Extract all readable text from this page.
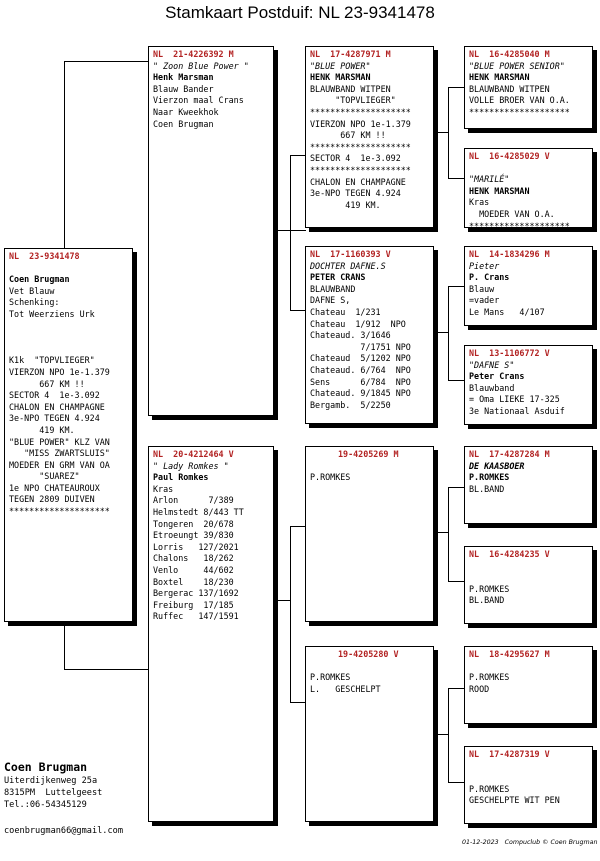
Stamkaart Postduif: NL 23-9341478
NL  23-9341478

Coen Brugman
Vet Blauw
Schenking:
Tot Weerziens Urk

K1k  "TOPVLIEGER"
VIERZON NPO 1e-1.379
667 KM !!
SECTOR 4  1e-3.092
CHALON EN CHAMPAGNE
3e-NPO TEGEN 4.924
419 KM.
"BLUE POWER" KLZ VAN
"MISS ZWARTSLUIS"
MOEDER EN GRM VAN OA
"SUAREZ"
1e NPO CHATEAUROUX
TEGEN 2809 DUIVEN
********************
NL  21-4226392 M
" Zoon Blue Power "
Henk Marsman
Blauw Bander
Vierzon maal Crans
Naar Kweekhok
Coen Brugman
NL  20-4212464 V
" Lady Romkes "
Paul Romkes
Kras
Arlon      7/389
Helmstedt 8/443 TT
Tongeren  20/678
Etroeungt 39/830
Lorris   127/2021
Chalons   18/262
Venlo     44/602
Boxtel    18/230
Bergerac 137/1692
Freiburg  17/185
Ruffec   147/1591
NL  17-4287971 M
"BLUE POWER"
HENK MARSMAN
BLAUWBAND WITPEN
"TOPVLIEGER"
********************
VIERZON NPO 1e-1.379
667 KM !!
********************
SECTOR 4  1e-3.092
********************
CHALON EN CHAMPAGNE
3e-NPO TEGEN 4.924
419 KM.
NL  17-1160393 V
DOCHTER DAFNE.S
PETER CRANS
BLAUWBAND
DAFNE S,
Chateau  1/231
Chateau  1/912  NPO
Chateaud. 3/1646
7/1751 NPO
Chateaud  5/1202 NPO
Chateaud. 6/764  NPO
Sens      6/784  NPO
Chateaud. 9/1845 NPO
Bergamb.  5/2250
19-4205269 M

P.ROMKES
19-4205280 V

P.ROMKES
L.   GESCHELPT
NL  16-4285040 M
"BLUE POWER SENIOR"
HENK MARSMAN
BLAUWBAND WITPEN
VOLLE BROER VAN O.A.
********************
NL  16-4285029 V

"MARILÉ"
HENK MARSMAN
Kras
MOEDER VAN O.A.
********************
NL  14-1834296 M
Pieter
P. Crans
Blauw
=vader
Le Mans   4/107
NL  13-1106772 V
"DAFNE S"
Peter Crans
Blauwband
= Oma LIEKE 17-325
3e Nationaal Asduif
NL  17-4287284 M
DE KAASBOER
P.ROMKES
BL.BAND
NL  16-4284235 V

P.ROMKES
BL.BAND
NL  18-4295627 M

P.ROMKES
ROOD
NL  17-4287319 V

P.ROMKES
GESCHELPTE WIT PEN
Coen Brugman
Uiterdijkenweg 25a
8315PM  Luttelgeest
Tel.:06-54345129
coenbrugman66@gmail.com
01-12-2023   Compuclub © Coen Brugman
